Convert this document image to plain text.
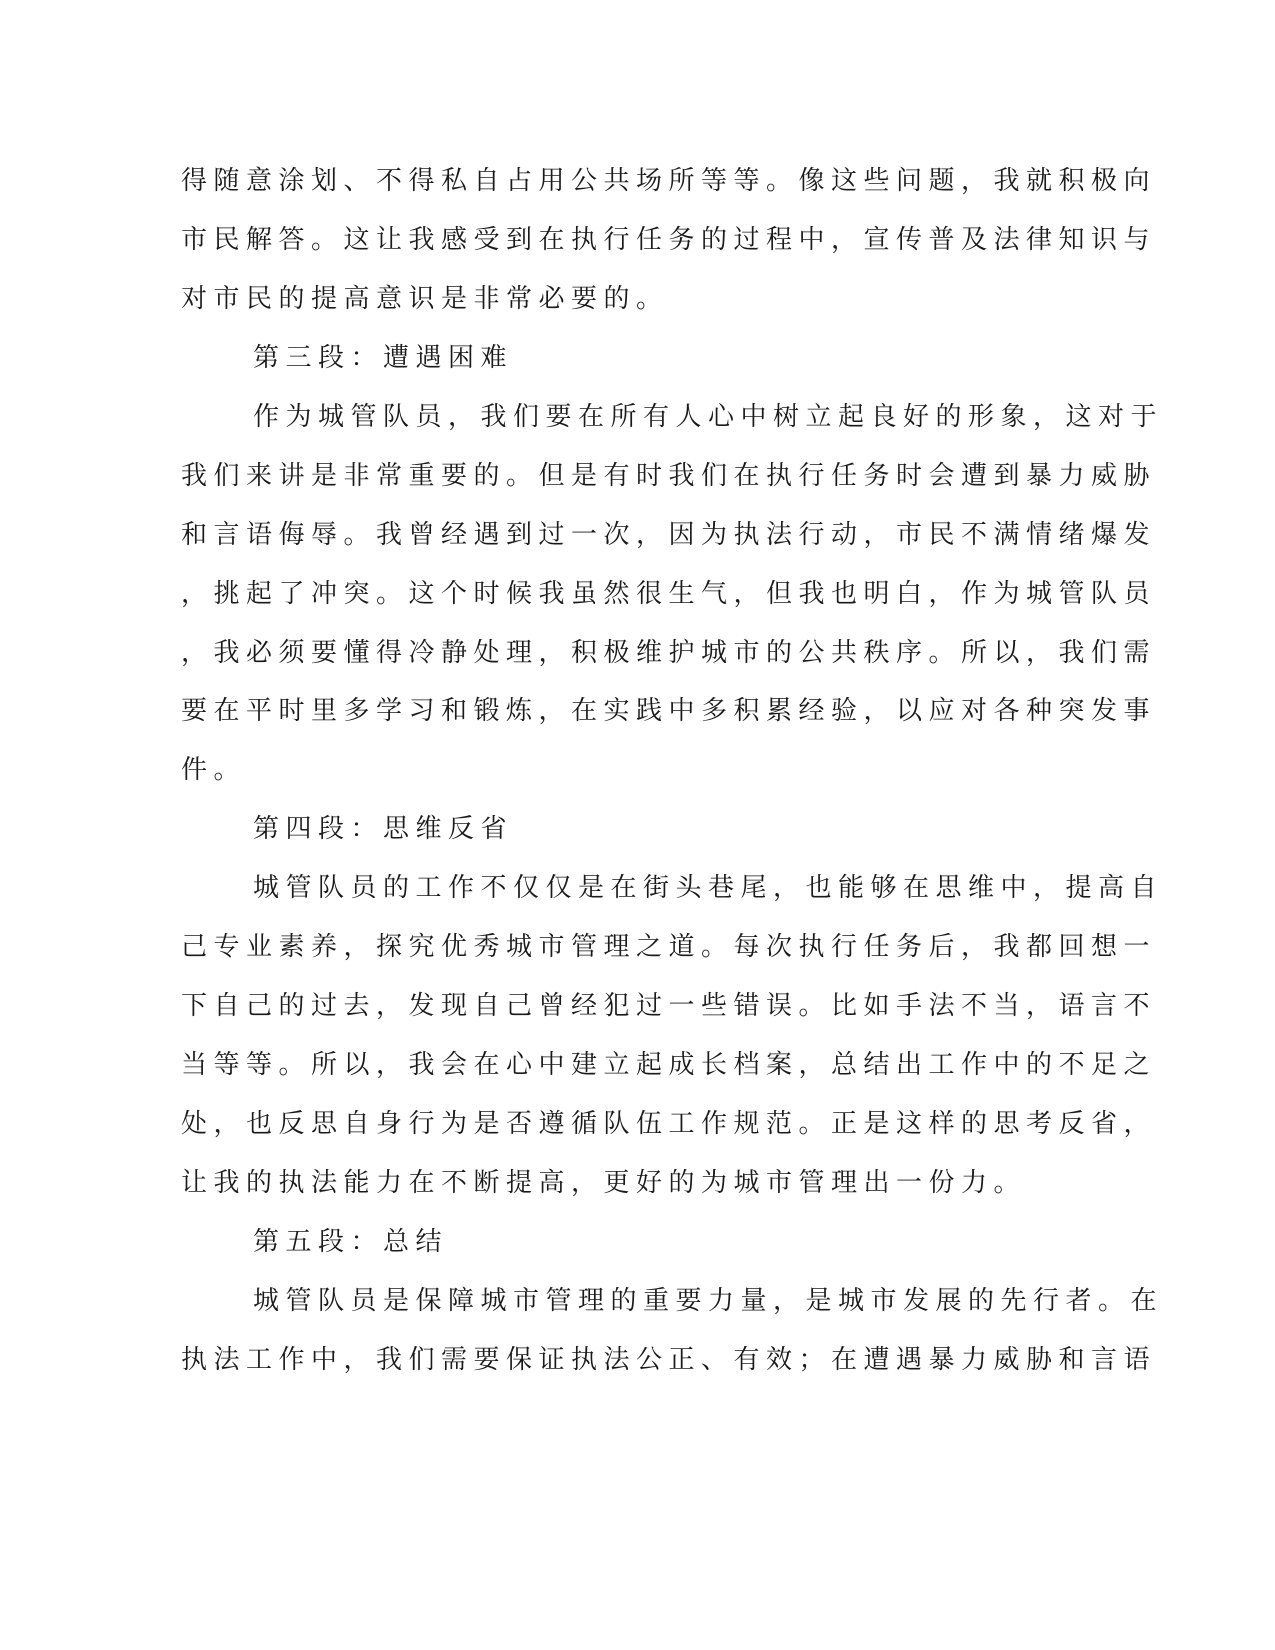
得随意涂划、不得私自占用公共场所等等。像这些问题，我就积极向
市民解答。这让我感受到在执行任务的过程中，宣传普及法律知识与
对市民的提高意识是非常必要的。
第三段：遭遇困难
作为城管队员，我们要在所有人心中树立起良好的形象，这对于
我们来讲是非常重要的。但是有时我们在执行任务时会遭到暴力威胁
和言语侮辱。我曾经遇到过一次，因为执法行动，市民不满情绪爆发
，挑起了冲突。这个时候我虽然很生气，但我也明白，作为城管队员
，我必须要懂得冷静处理，积极维护城市的公共秩序。所以，我们需
要在平时里多学习和锻炼，在实践中多积累经验，以应对各种突发事
件。
第四段：思维反省
城管队员的工作不仅仅是在街头巷尾，也能够在思维中，提高自
己专业素养，探究优秀城市管理之道。每次执行任务后，我都回想一
下自己的过去，发现自己曾经犯过一些错误。比如手法不当，语言不
当等等。所以，我会在心中建立起成长档案，总结出工作中的不足之
处，也反思自身行为是否遵循队伍工作规范。正是这样的思考反省，
让我的执法能力在不断提高，更好的为城市管理出一份力。
第五段：总结
城管队员是保障城市管理的重要力量，是城市发展的先行者。在
执法工作中，我们需要保证执法公正、有效；在遭遇暴力威胁和言语
